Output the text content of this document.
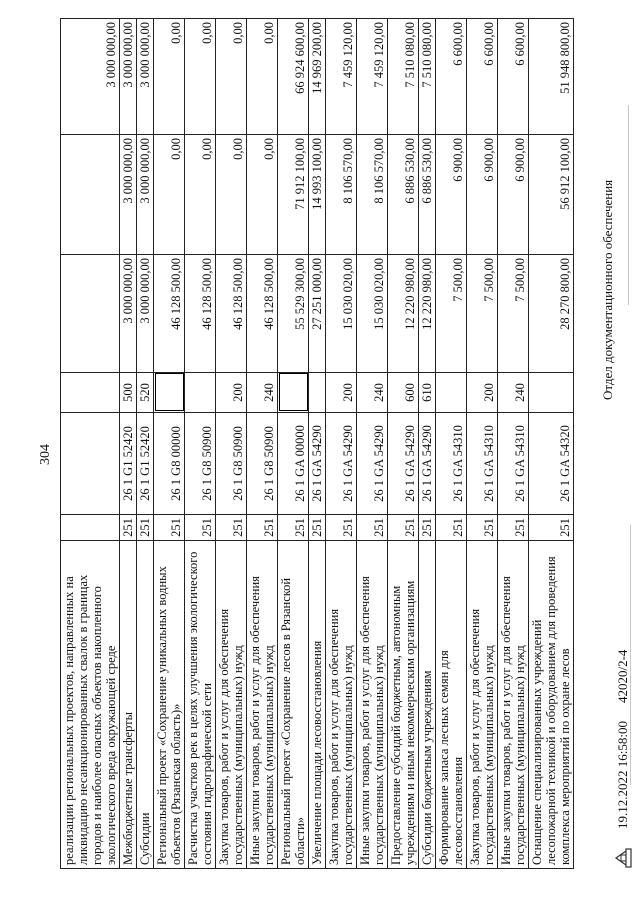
304
реализации региональных проектов, направленных на ликвидацию несанкционированных свалок в границах городов и наиболее опасных объектов накопленного экологического вреда окружающей среде						3 000 000,00
Межбюджетные трансферты	251	26 1 G1 52420	500	3 000 000,00	3 000 000,00	3 000 000,00
Субсидии	251	26 1 G1 52420	520	3 000 000,00	3 000 000,00	3 000 000,00
Региональный проект «Сохранение уникальных водных объектов (Рязанская область)»	251	26 1 G8 00000		46 128 500,00	0,00	0,00
Расчистка участков рек в целях улучшения экологического состояния гидрографической сети	251	26 1 G8 50900		46 128 500,00	0,00	0,00
Закупка товаров, работ и услуг для обеспечения государственных (муниципальных) нужд	251	26 1 G8 50900	200	46 128 500,00	0,00	0,00
Иные закупки товаров, работ и услуг для обеспечения государственных (муниципальных) нужд	251	26 1 G8 50900	240	46 128 500,00	0,00	0,00
Региональный проект «Сохранение лесов в Рязанской области»	251	26 1 GA 00000		55 529 300,00	71 912 100,00	66 924 600,00
Увеличение площади лесовосстановления	251	26 1 GA 54290		27 251 000,00	14 993 100,00	14 969 200,00
Закупка товаров, работ и услуг для обеспечения государственных (муниципальных) нужд	251	26 1 GA 54290	200	15 030 020,00	8 106 570,00	7 459 120,00
Иные закупки товаров, работ и услуг для обеспечения государственных (муниципальных) нужд	251	26 1 GA 54290	240	15 030 020,00	8 106 570,00	7 459 120,00
Предоставление субсидий бюджетным, автономным учреждениям и иным некоммерческим организациям	251	26 1 GA 54290	600	12 220 980,00	6 886 530,00	7 510 080,00
Субсидии бюджетным учреждениям	251	26 1 GA 54290	610	12 220 980,00	6 886 530,00	7 510 080,00
Формирование запаса лесных семян для лесовосстановления	251	26 1 GA 54310		7 500,00	6 900,00	6 600,00
Закупка товаров, работ и услуг для обеспечения государственных (муниципальных) нужд	251	26 1 GA 54310	200	7 500,00	6 900,00	6 600,00
Иные закупки товаров, работ и услуг для обеспечения государственных (муниципальных) нужд	251	26 1 GA 54310	240	7 500,00	6 900,00	6 600,00
Оснащение специализированных учреждений лесопожарной техникой и оборудованием для проведения комплекса мероприятий по охране лесов	251	26 1 GA 54320		28 270 800,00	56 912 100,00	51 948 800,00
19.12.2022 16:58:00
42020/2-4
Отдел документационного обеспечения
